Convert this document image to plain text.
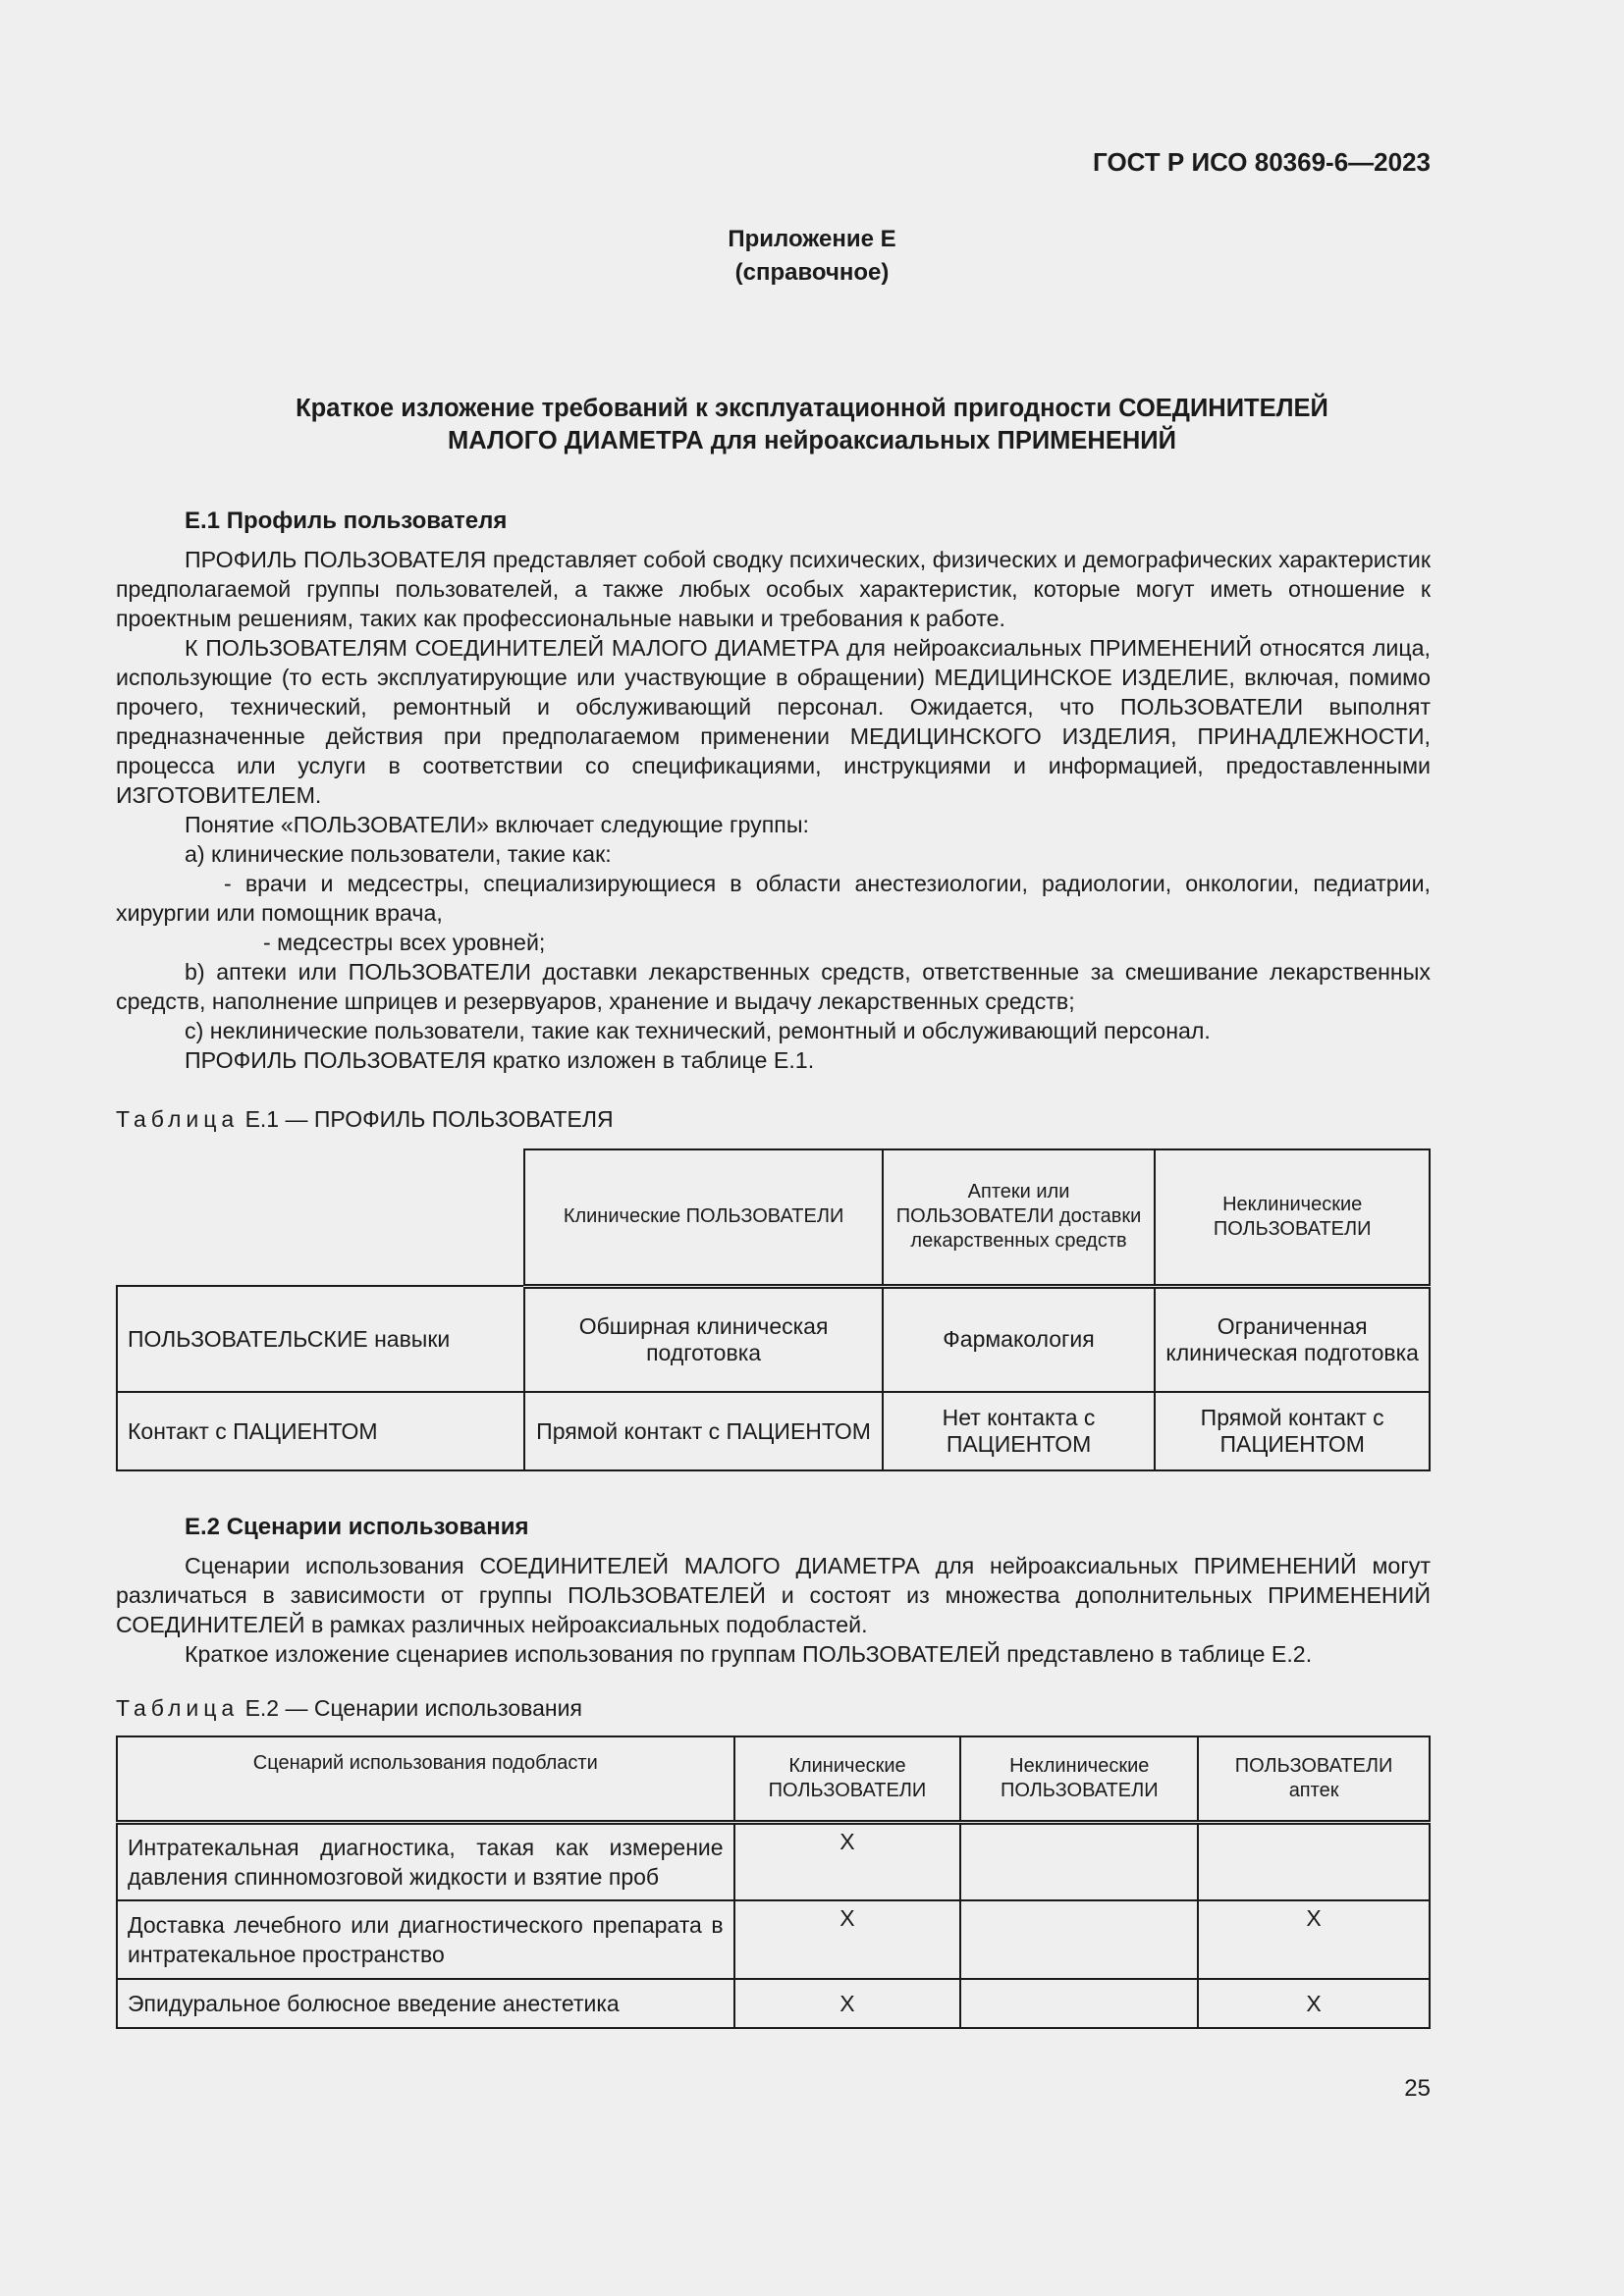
ГОСТ Р ИСО 80369-6—2023
Приложение Е
(справочное)
Краткое изложение требований к эксплуатационной пригодности СОЕДИНИТЕЛЕЙ
МАЛОГО ДИАМЕТРА для нейроаксиальных ПРИМЕНЕНИЙ
Е.1 Профиль пользователя

ПРОФИЛЬ ПОЛЬЗОВАТЕЛЯ представляет собой сводку психических, физических и демографических характеристик предполагаемой группы пользователей, а также любых особых характеристик, которые могут иметь отношение к проектным решениям, таких как профессиональные навыки и требования к работе.

К ПОЛЬЗОВАТЕЛЯМ СОЕДИНИТЕЛЕЙ МАЛОГО ДИАМЕТРА для нейроаксиальных ПРИМЕНЕНИЙ относятся лица, использующие (то есть эксплуатирующие или участвующие в обращении) МЕДИЦИНСКОЕ ИЗДЕЛИЕ, включая, помимо прочего, технический, ремонтный и обслуживающий персонал. Ожидается, что ПОЛЬЗОВАТЕЛИ выполнят предназначенные действия при предполагаемом применении МЕДИЦИНСКОГО ИЗДЕЛИЯ, ПРИНАДЛЕЖНОСТИ, процесса или услуги в соответствии со спецификациями, инструкциями и информацией, предоставленными ИЗГОТОВИТЕЛЕМ.

Понятие «ПОЛЬЗОВАТЕЛИ» включает следующие группы:

a) клинические пользователи, такие как:

- врачи и медсестры, специализирующиеся в области анестезиологии, радиологии, онкологии, педиатрии, хирургии или помощник врача,

- медсестры всех уровней;

b) аптеки или ПОЛЬЗОВАТЕЛИ доставки лекарственных средств, ответственные за смешивание лекарственных средств, наполнение шприцев и резервуаров, хранение и выдачу лекарственных средств;

c) неклинические пользователи, такие как технический, ремонтный и обслуживающий персонал.

ПРОФИЛЬ ПОЛЬЗОВАТЕЛЯ кратко изложен в таблице Е.1.

Таблица Е.1 — ПРОФИЛЬ ПОЛЬЗОВАТЕЛЯ
	Клинические ПОЛЬЗОВАТЕЛИ	Аптеки или ПОЛЬЗОВАТЕЛИ доставки лекарственных средств	Неклинические ПОЛЬЗОВАТЕЛИ
ПОЛЬЗОВАТЕЛЬСКИЕ навыки	Обширная клиническая подготовка	Фармакология	Ограниченная клиническая подготовка
Контакт с ПАЦИЕНТОМ	Прямой контакт с ПАЦИЕНТОМ	Нет контакта с ПАЦИЕНТОМ	Прямой контакт с ПАЦИЕНТОМ
Е.2 Сценарии использования

Сценарии использования СОЕДИНИТЕЛЕЙ МАЛОГО ДИАМЕТРА для нейроаксиальных ПРИМЕНЕНИЙ могут различаться в зависимости от группы ПОЛЬЗОВАТЕЛЕЙ и состоят из множества дополнительных ПРИМЕНЕНИЙ СОЕДИНИТЕЛЕЙ в рамках различных нейроаксиальных подобластей.

Краткое изложение сценариев использования по группам ПОЛЬЗОВАТЕЛЕЙ представлено в таблице Е.2.

Таблица Е.2 — Сценарии использования
Сценарий использования подобласти	Клинические ПОЛЬЗОВАТЕЛИ	Неклинические ПОЛЬЗОВАТЕЛИ	ПОЛЬЗОВАТЕЛИ аптек
Интратекальная диагностика, такая как измерение давления спинномозговой жидкости и взятие проб	X		
Доставка лечебного или диагностического препарата в интратекальное пространство	X		X
Эпидуральное болюсное введение анестетика	X		X
25
